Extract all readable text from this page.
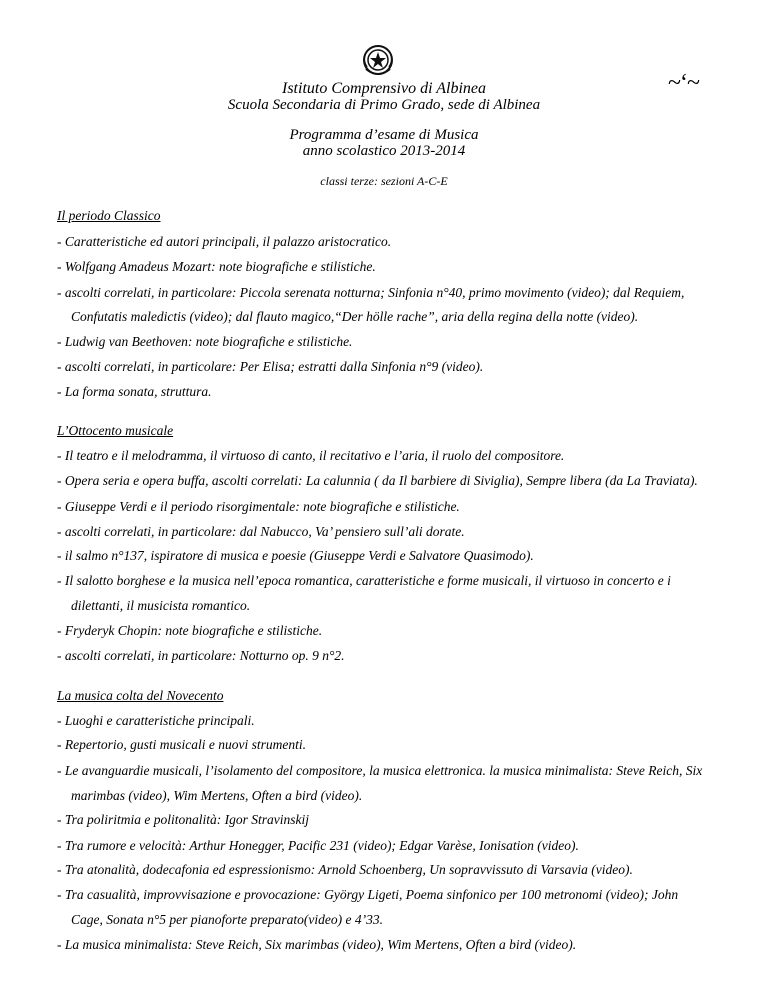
~‘~
Istituto Comprensivo di Albinea
Scuola Secondaria di Primo Grado, sede di Albinea
Programma d’esame di Musica
anno scolastico 2013-2014
classi terze: sezioni A-C-E
Il periodo Classico
- Caratteristiche ed autori principali, il palazzo aristocratico.
- Wolfgang Amadeus Mozart: note biografiche e stilistiche.
- ascolti correlati, in particolare: Piccola serenata notturna; Sinfonia n°40, primo movimento (video); dal Requiem,
Confutatis maledictis (video); dal flauto magico,“Der hölle rache”, aria della regina della notte (video).
- Ludwig van Beethoven: note biografiche e stilistiche.
- ascolti correlati, in particolare: Per Elisa; estratti dalla Sinfonia n°9 (video).
- La forma sonata, struttura.
L’Ottocento musicale
- Il teatro e il melodramma, il virtuoso di canto, il recitativo e l’aria, il ruolo del compositore.
- Opera seria e opera buffa, ascolti correlati: La calunnia ( da Il barbiere di Siviglia), Sempre libera (da La Traviata).
- Giuseppe Verdi e il periodo risorgimentale: note biografiche e stilistiche.
- ascolti correlati, in particolare: dal Nabucco, Va’ pensiero sull’ali dorate.
- il salmo n°137, ispiratore di musica e poesie (Giuseppe Verdi e Salvatore Quasimodo).
- Il salotto borghese e la musica nell’epoca romantica, caratteristiche e forme musicali, il virtuoso in concerto e i
dilettanti, il musicista romantico.
- Fryderyk Chopin: note biografiche e stilistiche.
- ascolti correlati, in particolare: Notturno op. 9 n°2.
La musica colta del Novecento
- Luoghi e caratteristiche principali.
- Repertorio, gusti musicali e nuovi strumenti.
- Le avanguardie musicali, l’isolamento del compositore, la musica elettronica. la musica minimalista: Steve Reich, Six
marimbas (video), Wim Mertens, Often a bird (video).
- Tra poliritmia e politonalità: Igor Stravinskij
- Tra rumore e velocità: Arthur Honegger, Pacific 231 (video); Edgar Varèse, Ionisation (video).
- Tra atonalità, dodecafonia ed espressionismo: Arnold Schoenberg, Un sopravvissuto di Varsavia (video).
- Tra casualità, improvvisazione e provocazione: György Ligeti, Poema sinfonico per 100 metronomi (video); John
Cage, Sonata n°5 per pianoforte preparato(video) e 4’33.
- La musica minimalista: Steve Reich, Six marimbas (video), Wim Mertens, Often a bird (video).
